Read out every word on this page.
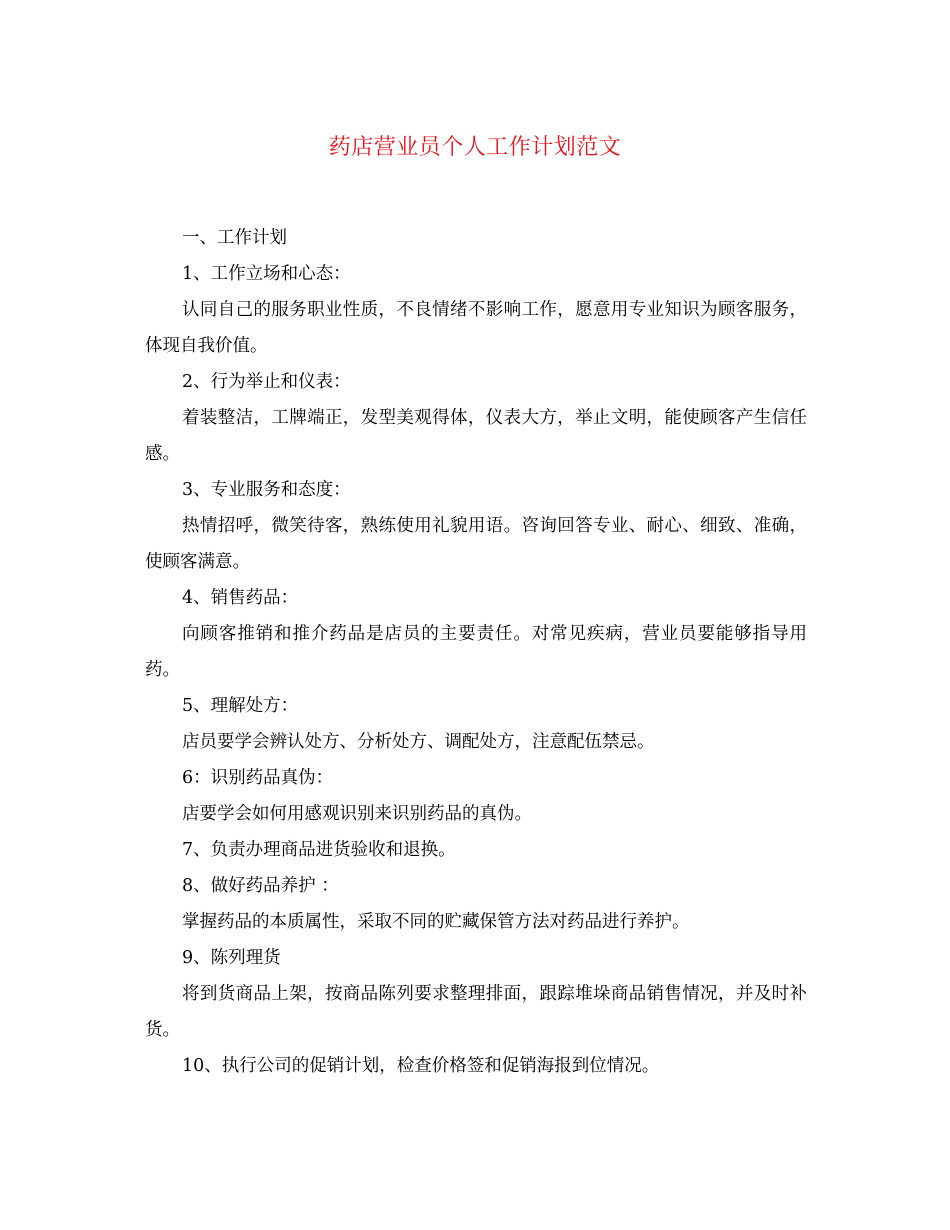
药店营业员个人工作计划范文

一、工作计划

1、工作立场和心态：

认同自己的服务职业性质，不良情绪不影响工作，愿意用专业知识为顾客服务，体现自我价值。

2、行为举止和仪表：

着装整洁，工牌端正，发型美观得体，仪表大方，举止文明，能使顾客产生信任感。

3、专业服务和态度：

热情招呼，微笑待客，熟练使用礼貌用语。咨询回答专业、耐心、细致、准确，使顾客满意。

4、销售药品：

向顾客推销和推介药品是店员的主要责任。对常见疾病，营业员要能够指导用药。

5、理解处方：

店员要学会辨认处方、分析处方、调配处方，注意配伍禁忌。

6：识别药品真伪：

店要学会如何用感观识别来识别药品的真伪。

7、负责办理商品进货验收和退换。

8、做好药品养护 ：

掌握药品的本质属性，采取不同的贮藏保管方法对药品进行养护。

9、陈列理货

将到货商品上架，按商品陈列要求整理排面，跟踪堆垛商品销售情况，并及时补货。

10、执行公司的促销计划，检查价格签和促销海报到位情况。
